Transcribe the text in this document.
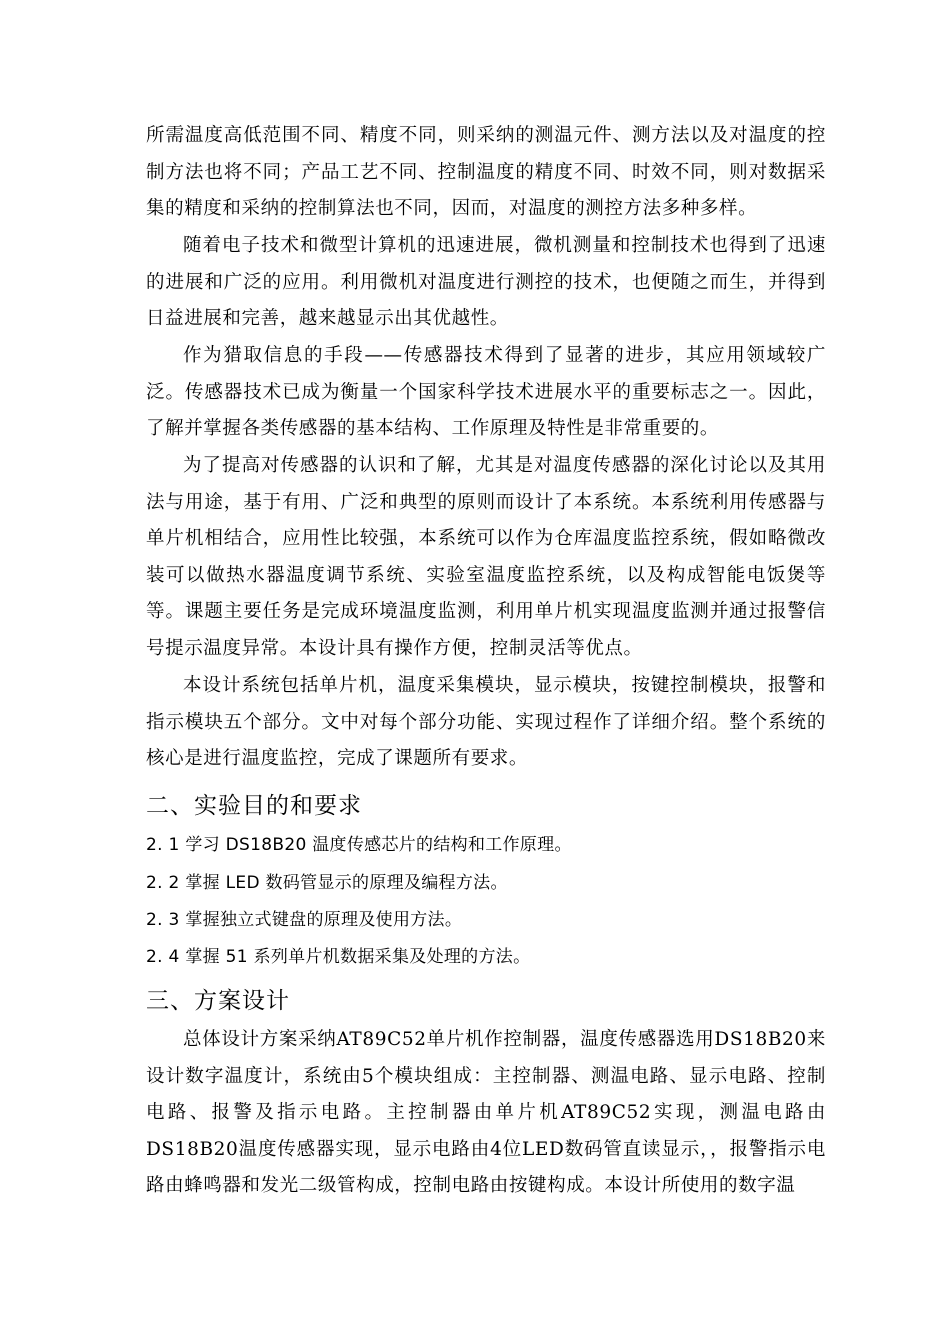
所需温度高低范围不同、精度不同，则采纳的测温元件、测方法以及对温度的控制方法也将不同；产品工艺不同、控制温度的精度不同、时效不同，则对数据采集的精度和采纳的控制算法也不同，因而，对温度的测控方法多种多样。

随着电子技术和微型计算机的迅速进展，微机测量和控制技术也得到了迅速的进展和广泛的应用。利用微机对温度进行测控的技术，也便随之而生，并得到日益进展和完善，越来越显示出其优越性。

作为猎取信息的手段——传感器技术得到了显著的进步，其应用领域较广泛。传感器技术已成为衡量一个国家科学技术进展水平的重要标志之一。因此，了解并掌握各类传感器的基本结构、工作原理及特性是非常重要的。

为了提高对传感器的认识和了解，尤其是对温度传感器的深化讨论以及其用法与用途，基于有用、广泛和典型的原则而设计了本系统。本系统利用传感器与单片机相结合，应用性比较强，本系统可以作为仓库温度监控系统，假如略微改装可以做热水器温度调节系统、实验室温度监控系统，以及构成智能电饭煲等等。课题主要任务是完成环境温度监测，利用单片机实现温度监测并通过报警信号提示温度异常。本设计具有操作方便，控制灵活等优点。

本设计系统包括单片机，温度采集模块，显示模块，按键控制模块，报警和指示模块五个部分。文中对每个部分功能、实现过程作了详细介绍。整个系统的核心是进行温度监控，完成了课题所有要求。

二、实验目的和要求

2. 1 学习 DS18B20 温度传感芯片的结构和工作原理。

2. 2 掌握 LED 数码管显示的原理及编程方法。

2. 3 掌握独立式键盘的原理及使用方法。

2. 4 掌握 51 系列单片机数据采集及处理的方法。

三、方案设计

总体设计方案采纳AT89C52单片机作控制器，温度传感器选用DS18B20来设计数字温度计，系统由5个模块组成：主控制器、测温电路、显示电路、控制电路、报警及指示电路。主控制器由单片机AT89C52实现，测温电路由DS18B20温度传感器实现，显示电路由4位LED数码管直读显示，，报警指示电路由蜂鸣器和发光二级管构成，控制电路由按键构成。本设计所使用的数字温
